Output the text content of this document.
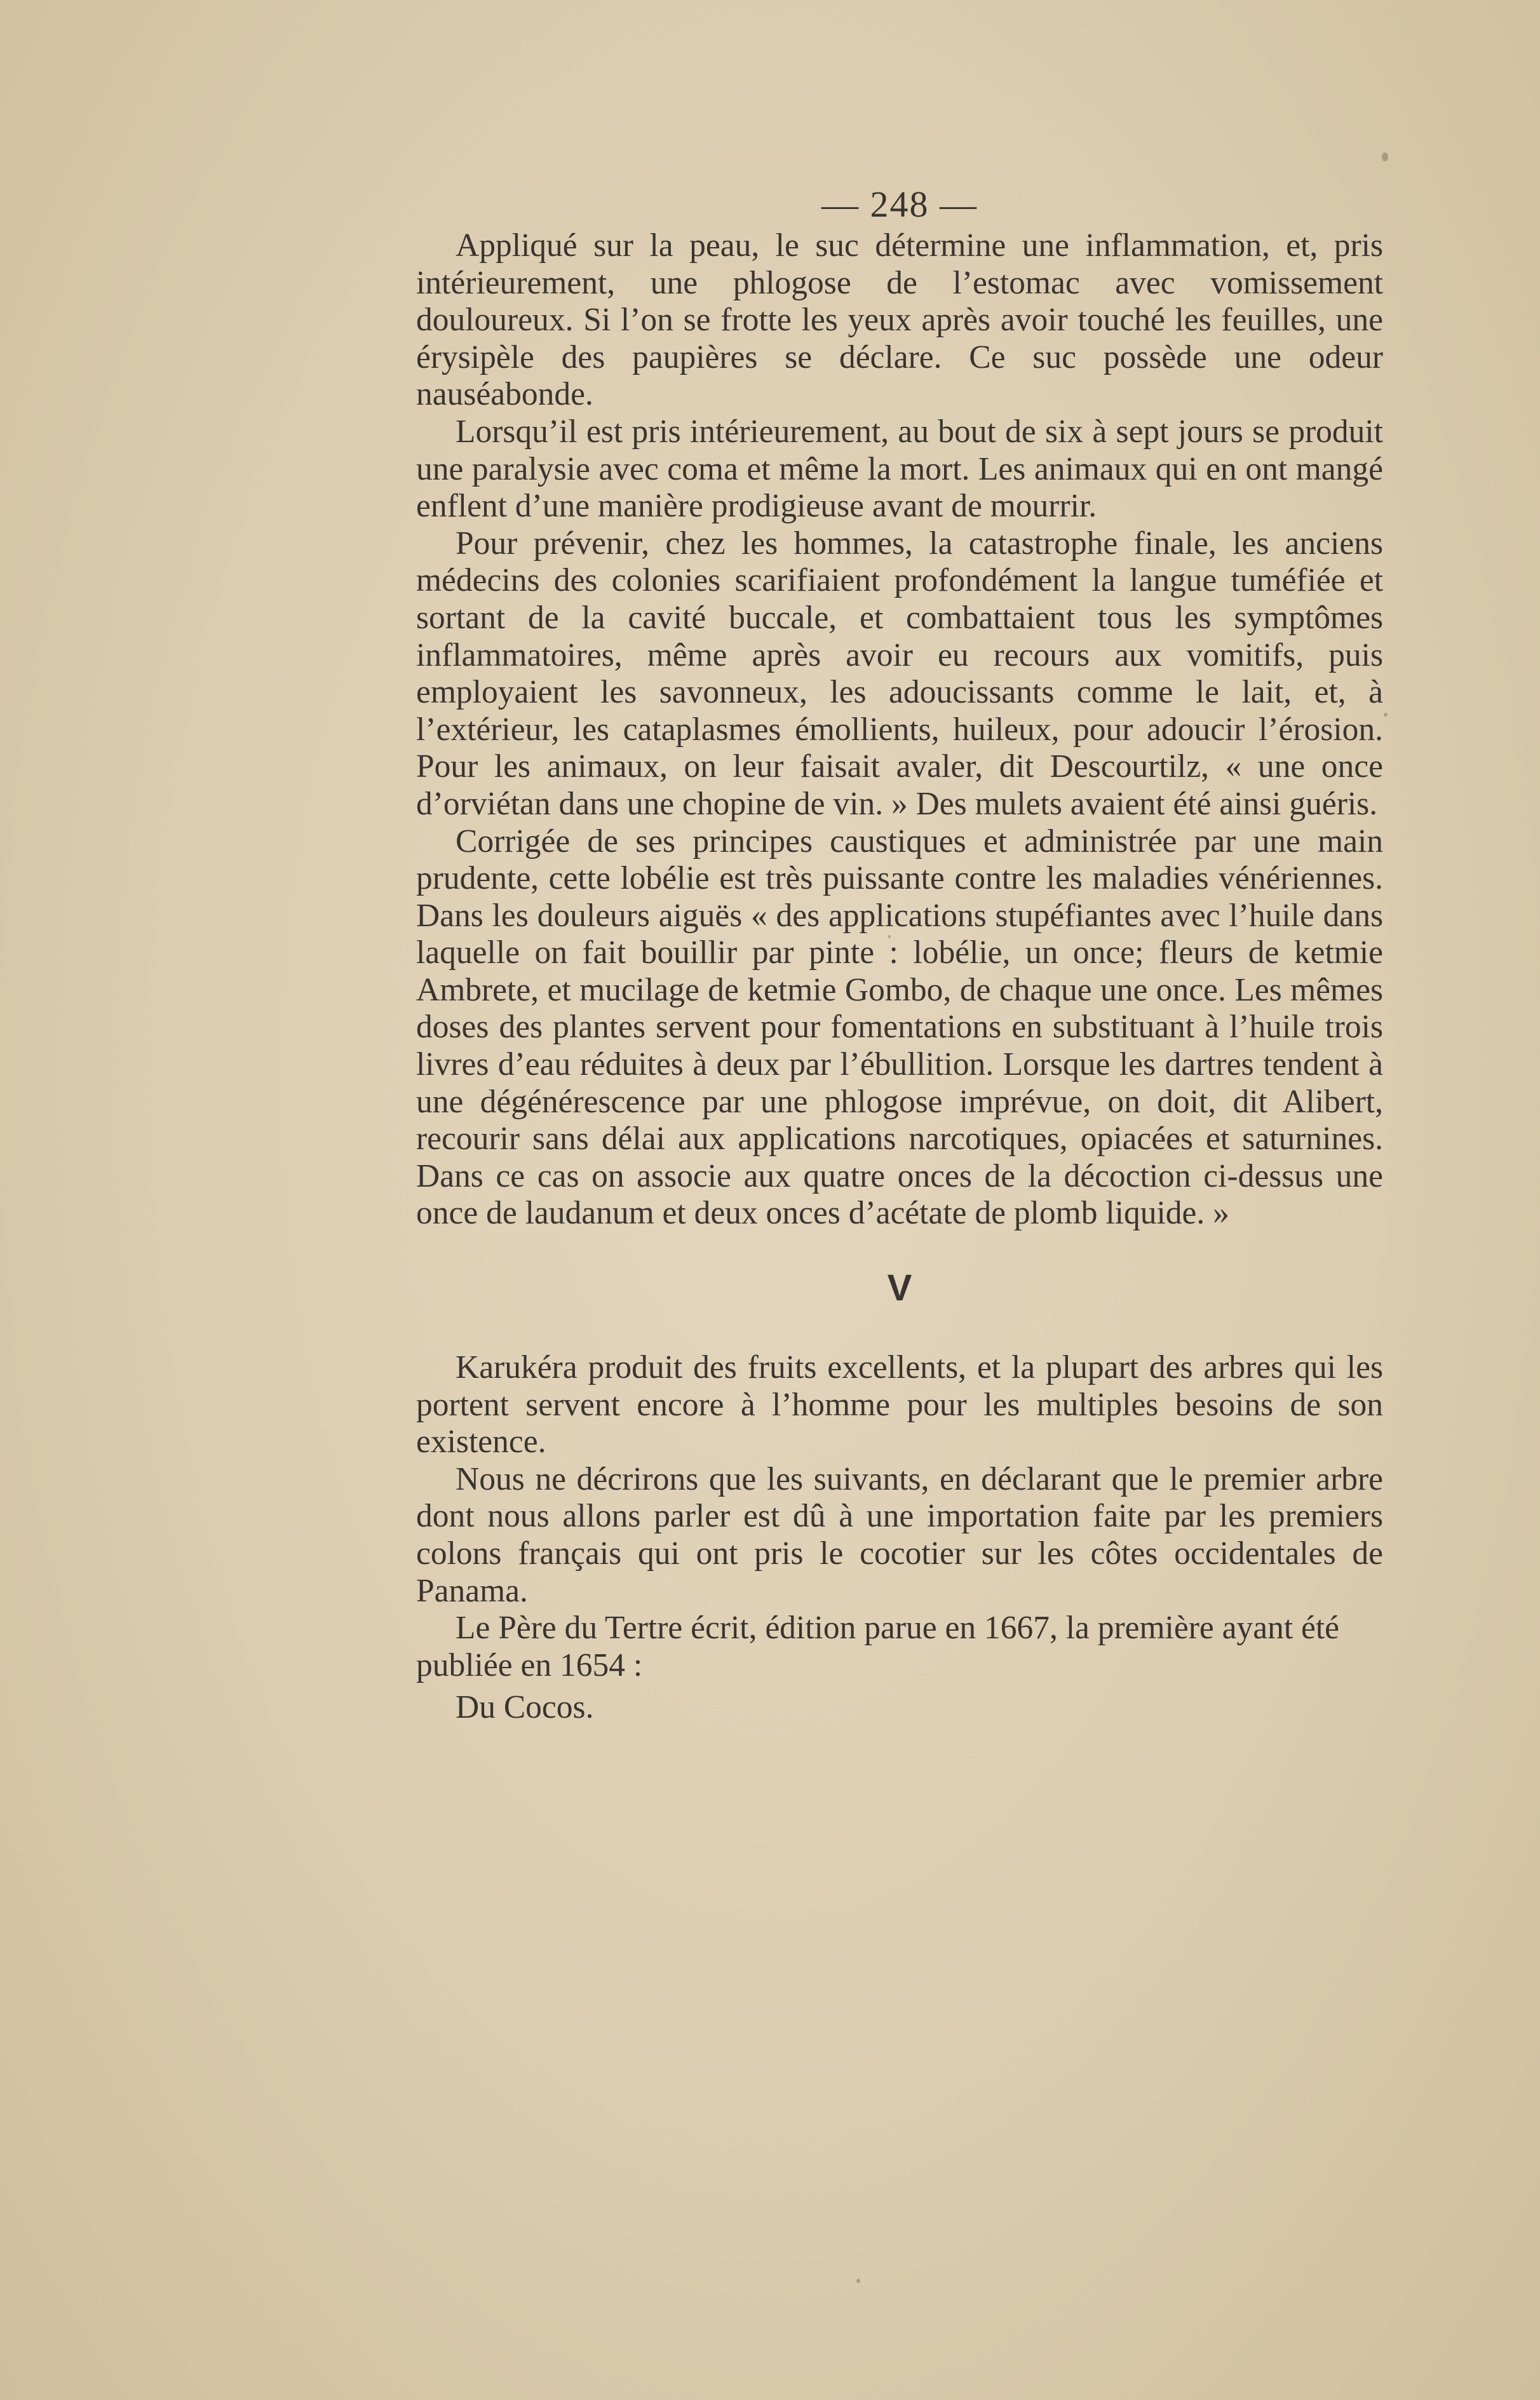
— 248 —

Appliqué sur la peau, le suc détermine une inflammation, et, pris intérieurement, une phlogose de l’estomac avec vomissement douloureux. Si l’on se frotte les yeux après avoir touché les feuilles, une érysipèle des paupières se déclare. Ce suc possède une odeur nauséabonde.

Lorsqu’il est pris intérieurement, au bout de six à sept jours se produit une paralysie avec coma et même la mort. Les animaux qui en ont mangé enflent d’une manière prodigieuse avant de mourrir.

Pour prévenir, chez les hommes, la catastrophe finale, les anciens médecins des colonies scarifiaient profondément la langue tuméfiée et sortant de la cavité buccale, et combattaient tous les symptômes inflammatoires, même après avoir eu recours aux vomitifs, puis employaient les savonneux, les adoucissants comme le lait, et, à l’extérieur, les cataplasmes émollients, huileux, pour adoucir l’érosion. Pour les animaux, on leur faisait avaler, dit Descourtilz, « une once d’orviétan dans une chopine de vin. » Des mulets avaient été ainsi guéris.

Corrigée de ses principes caustiques et administrée par une main prudente, cette lobélie est très puissante contre les maladies vénériennes. Dans les douleurs aiguës « des applications stupéfiantes avec l’huile dans laquelle on fait bouillir par pinte : lobélie, un once; fleurs de ketmie Ambrete, et mucilage de ketmie Gombo, de chaque une once. Les mêmes doses des plantes servent pour fomentations en substituant à l’huile trois livres d’eau réduites à deux par l’ébullition. Lorsque les dartres tendent à une dégénérescence par une phlogose imprévue, on doit, dit Alibert, recourir sans délai aux applications narcotiques, opiacées et saturnines. Dans ce cas on associe aux quatre onces de la décoction ci-dessus une once de laudanum et deux onces d’acétate de plomb liquide. »

V

Karukéra produit des fruits excellents, et la plupart des arbres qui les portent servent encore à l’homme pour les multiples besoins de son existence.

Nous ne décrirons que les suivants, en déclarant que le premier arbre dont nous allons parler est dû à une importation faite par les premiers colons français qui ont pris le cocotier sur les côtes occidentales de Panama.

Le Père du Tertre écrit, édition parue en 1667, la première ayant été publiée en 1654 :

Du Cocos.
